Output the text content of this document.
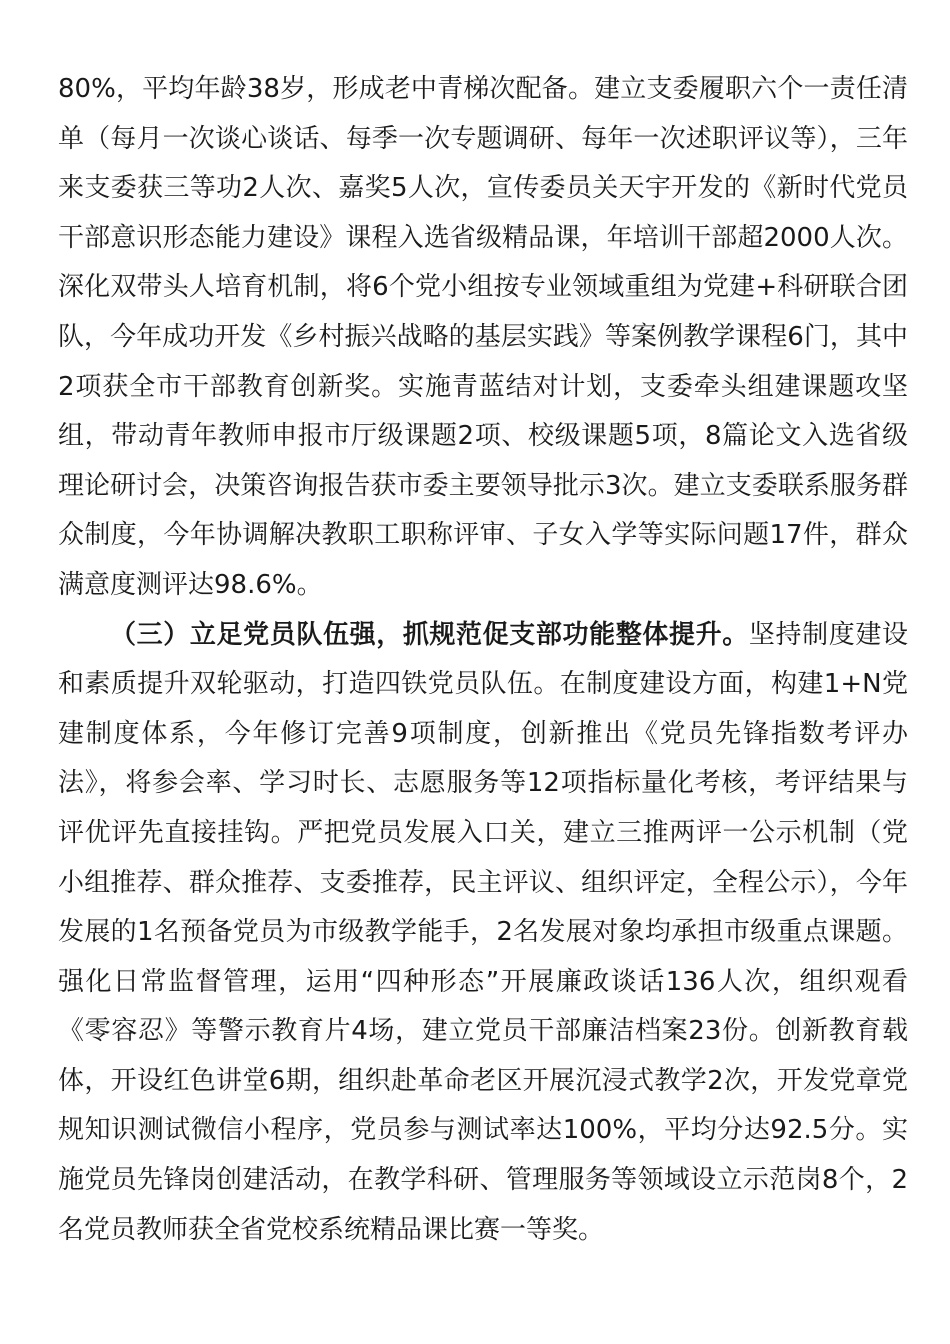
80%，平均年龄38岁，形成老中青梯次配备。建立支委履职六个一责任清单（每月一次谈心谈话、每季一次专题调研、每年一次述职评议等），三年来支委获三等功2人次、嘉奖5人次，宣传委员关天宇开发的《新时代党员干部意识形态能力建设》课程入选省级精品课，年培训干部超2000人次。深化双带头人培育机制，将6个党小组按专业领域重组为党建+科研联合团队，今年成功开发《乡村振兴战略的基层实践》等案例教学课程6门，其中2项获全市干部教育创新奖。实施青蓝结对计划，支委牵头组建课题攻坚组，带动青年教师申报市厅级课题2项、校级课题5项，8篇论文入选省级理论研讨会，决策咨询报告获市委主要领导批示3次。建立支委联系服务群众制度，今年协调解决教职工职称评审、子女入学等实际问题17件，群众满意度测评达98.6%。

（三）立足党员队伍强，抓规范促支部功能整体提升。坚持制度建设和素质提升双轮驱动，打造四铁党员队伍。在制度建设方面，构建1+N党建制度体系，今年修订完善9项制度，创新推出《党员先锋指数考评办法》，将参会率、学习时长、志愿服务等12项指标量化考核，考评结果与评优评先直接挂钩。严把党员发展入口关，建立三推两评一公示机制（党小组推荐、群众推荐、支委推荐，民主评议、组织评定，全程公示），今年发展的1名预备党员为市级教学能手，2名发展对象均承担市级重点课题。强化日常监督管理，运用“四种形态”开展廉政谈话136人次，组织观看《零容忍》等警示教育片4场，建立党员干部廉洁档案23份。创新教育载体，开设红色讲堂6期，组织赴革命老区开展沉浸式教学2次，开发党章党规知识测试微信小程序，党员参与测试率达100%，平均分达92.5分。实施党员先锋岗创建活动，在教学科研、管理服务等领域设立示范岗8个，2名党员教师获全省党校系统精品课比赛一等奖。
